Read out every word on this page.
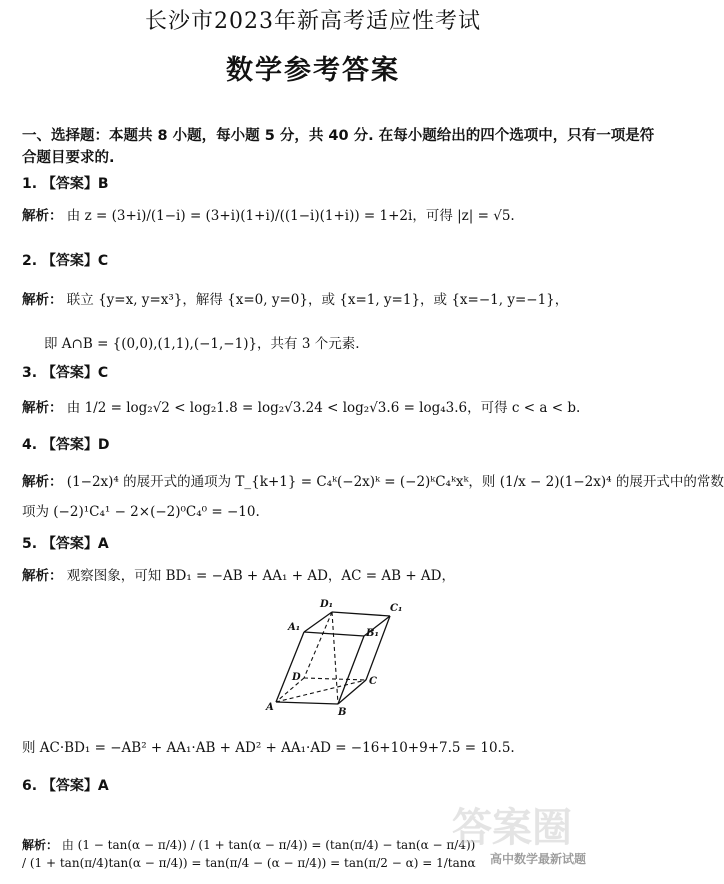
长沙市2023年新高考适应性考试
数学参考答案
一、选择题：本题共 8 小题，每小题 5 分，共 40 分. 在每小题给出的四个选项中，只有一项是符
合题目要求的.
1. 【答案】B
解析： 由 z = (3+i)/(1−i) = (3+i)(1+i)/((1−i)(1+i)) = 1+2i，可得 |z| = √5.
2. 【答案】C
解析： 联立 {y=x, y=x³}，解得 {x=0, y=0}，或 {x=1, y=1}，或 {x=−1, y=−1}，
即 A∩B = {(0,0),(1,1),(−1,−1)}，共有 3 个元素.
3. 【答案】C
解析： 由 1/2 = log₂√2 < log₂1.8 = log₂√3.24 < log₂√3.6 = log₄3.6，可得 c < a < b.
4. 【答案】D
解析： (1−2x)⁴ 的展开式的通项为 T_{k+1} = C₄ᵏ(−2x)ᵏ = (−2)ᵏC₄ᵏxᵏ，则 (1/x − 2)(1−2x)⁴ 的展开式中的常数
项为 (−2)¹C₄¹ − 2×(−2)⁰C₄⁰ = −10.
5. 【答案】A
解析： 观察图象，可知 BD₁ = −AB + AA₁ + AD，AC = AB + AD，
D₁	C₁
A₁
B₁
D	C
A	B
则 AC·BD₁ = −AB² + AA₁·AB + AD² + AA₁·AD = −16+10+9+7.5 = 10.5.
6. 【答案】A
解析： 由 (1 − tan(α − π/4)) / (1 + tan(α − π/4)) = (tan(π/4) − tan(α − π/4)) / (1 + tan(π/4)tan(α − π/4)) = tan(π/4 − (α − π/4)) = tan(π/2 − α) = 1/tanα
答案圈
高中数学最新试题
